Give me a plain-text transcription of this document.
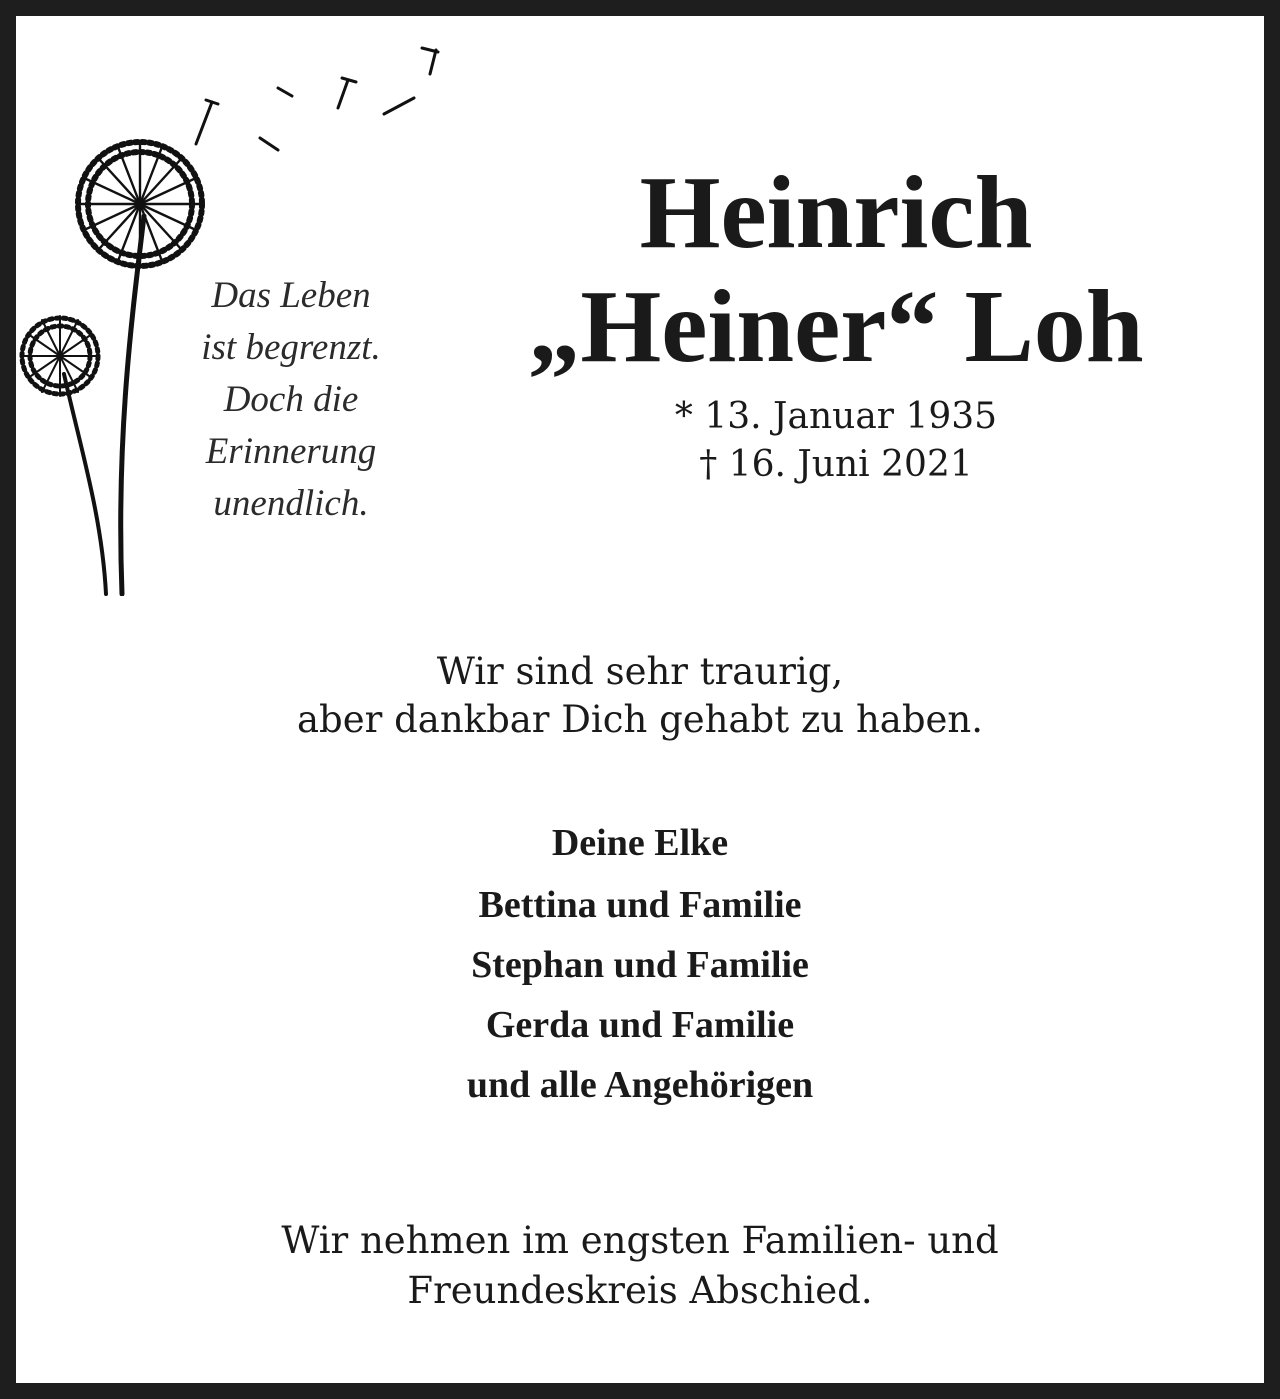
Das Leben
ist begrenzt.
Doch die
Erinnerung
unendlich.
Heinrich
„Heiner“ Loh
* 13. Januar 1935
† 16. Juni 2021
Wir sind sehr traurig,
aber dankbar Dich gehabt zu haben.
Deine Elke
Bettina und Familie
Stephan und Familie
Gerda und Familie
und alle Angehörigen
Wir nehmen im engsten Familien- und
Freundeskreis Abschied.
